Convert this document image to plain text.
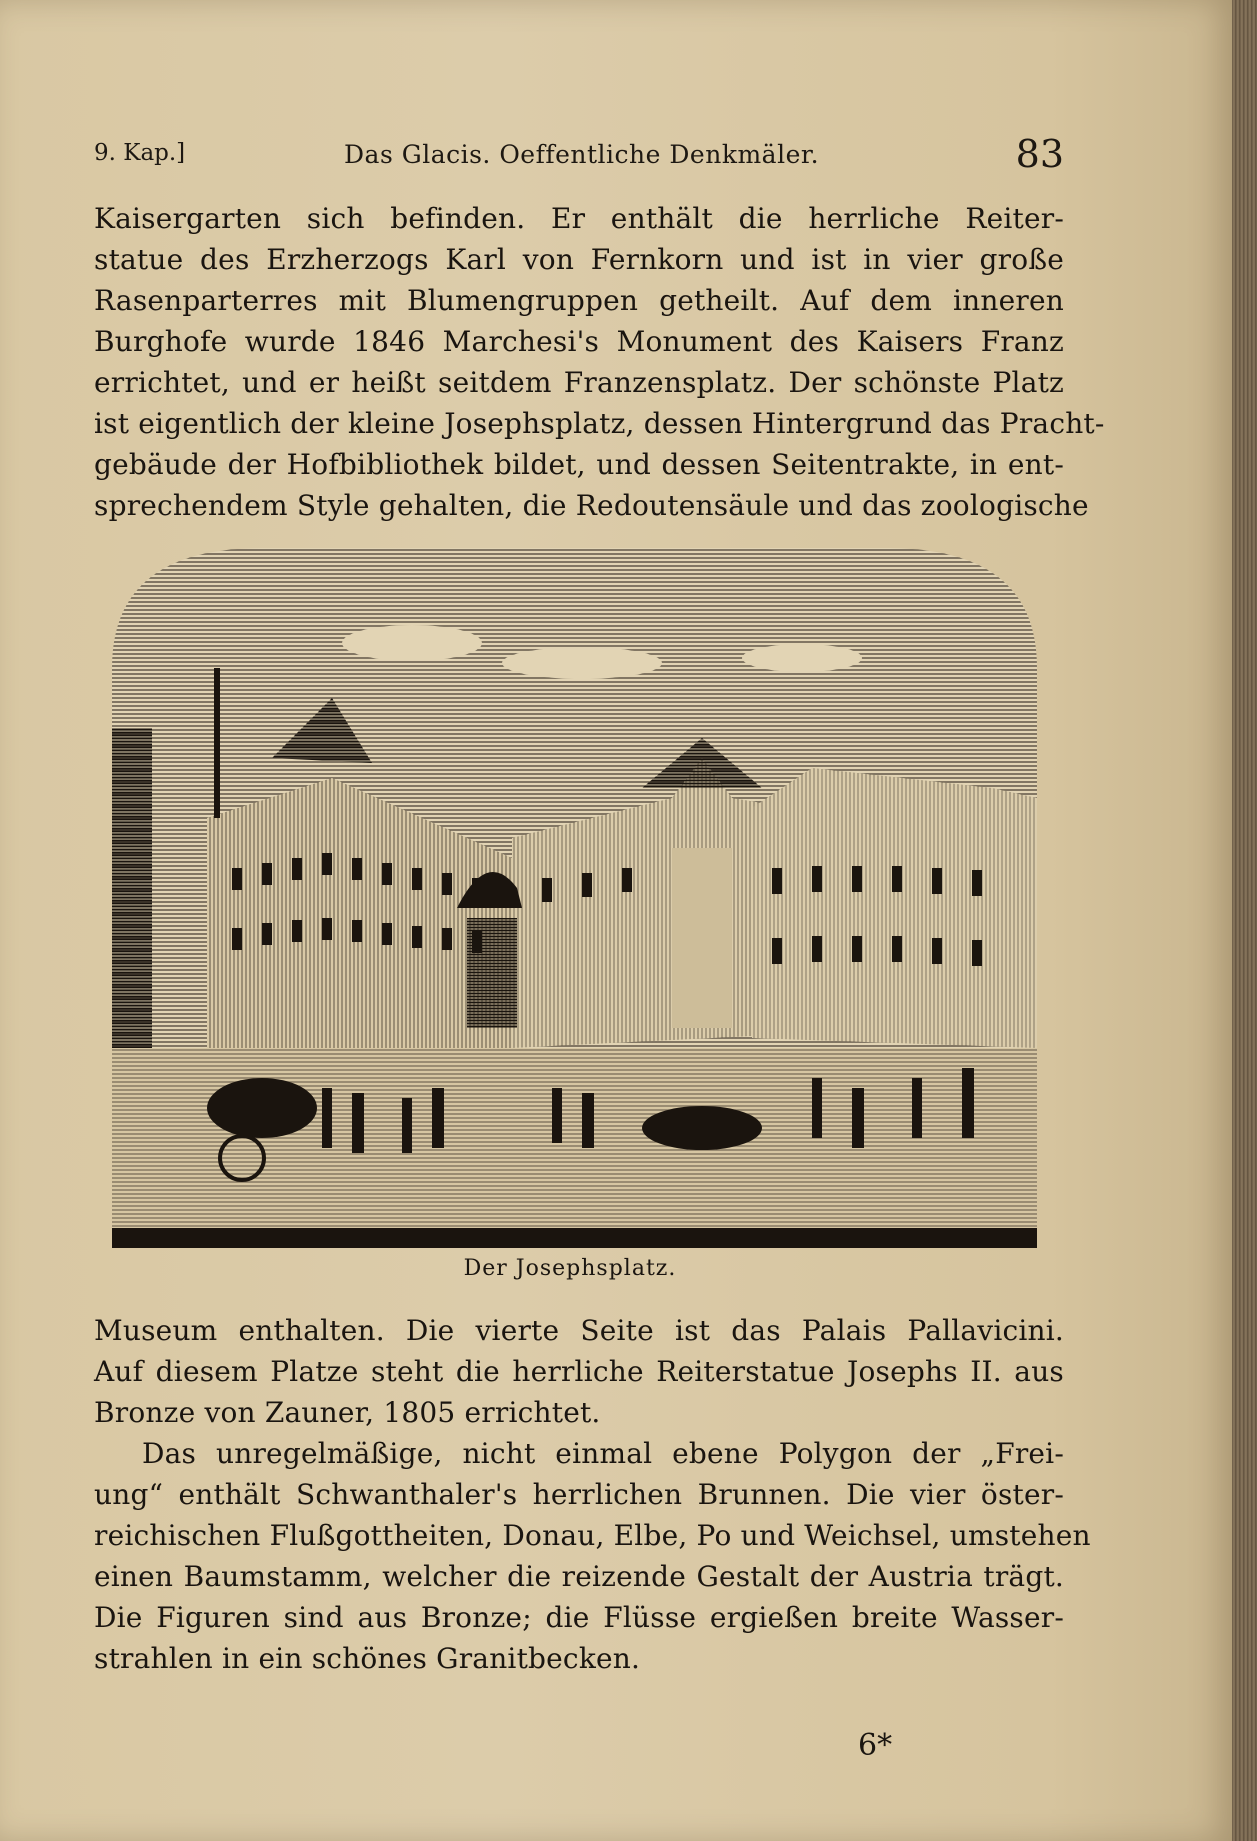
9. Kap.]	Das Glacis. Oeffentliche Denkmäler.	83
Kaisergarten sich befinden. Er enthält die herrliche Reiter-
statue des Erzherzogs Karl von Fernkorn und ist in vier große
Rasenparterres mit Blumengruppen getheilt. Auf dem inneren
Burghofe wurde 1846 Marchesi's Monument des Kaisers Franz
errichtet, und er heißt seitdem Franzensplatz. Der schönste Platz
ist eigentlich der kleine Josephsplatz, dessen Hintergrund das Pracht-
gebäude der Hofbibliothek bildet, und dessen Seitentrakte, in ent-
sprechendem Style gehalten, die Redoutensäule und das zoologische
Der Josephsplatz.
Museum enthalten. Die vierte Seite ist das Palais Pallavicini.
Auf diesem Platze steht die herrliche Reiterstatue Josephs II. aus
Bronze von Zauner, 1805 errichtet.
Das unregelmäßige, nicht einmal ebene Polygon der „Frei-
ung“ enthält Schwanthaler's herrlichen Brunnen. Die vier öster-
reichischen Flußgottheiten, Donau, Elbe, Po und Weichsel, umstehen
einen Baumstamm, welcher die reizende Gestalt der Austria trägt.
Die Figuren sind aus Bronze; die Flüsse ergießen breite Wasser-
strahlen in ein schönes Granitbecken.
6*
